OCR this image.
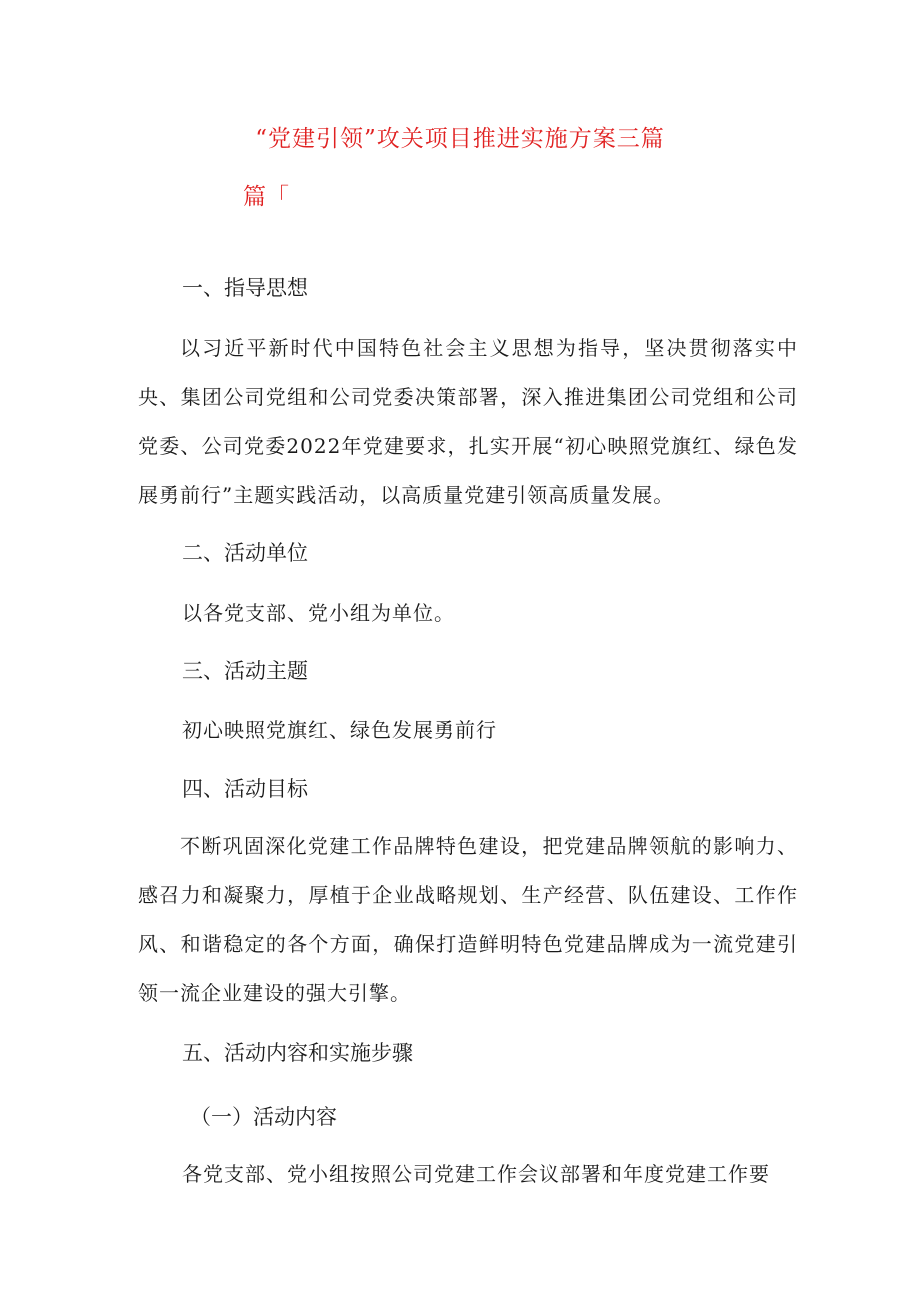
“党建引领”攻关项目推进实施方案三篇
篇「
一、指导思想
以习近平新时代中国特色社会主义思想为指导，坚决贯彻落实中央、集团公司党组和公司党委决策部署，深入推进集团公司党组和公司党委、公司党委2022年党建要求，扎实开展“初心映照党旗红、绿色发展勇前行”主题实践活动，以高质量党建引领高质量发展。
二、活动单位
以各党支部、党小组为单位。
三、活动主题
初心映照党旗红、绿色发展勇前行
四、活动目标
不断巩固深化党建工作品牌特色建设，把党建品牌领航的影响力、感召力和凝聚力，厚植于企业战略规划、生产经营、队伍建设、工作作风、和谐稳定的各个方面，确保打造鲜明特色党建品牌成为一流党建引领一流企业建设的强大引擎。
五、活动内容和实施步骤
（一）活动内容
各党支部、党小组按照公司党建工作会议部署和年度党建工作要
